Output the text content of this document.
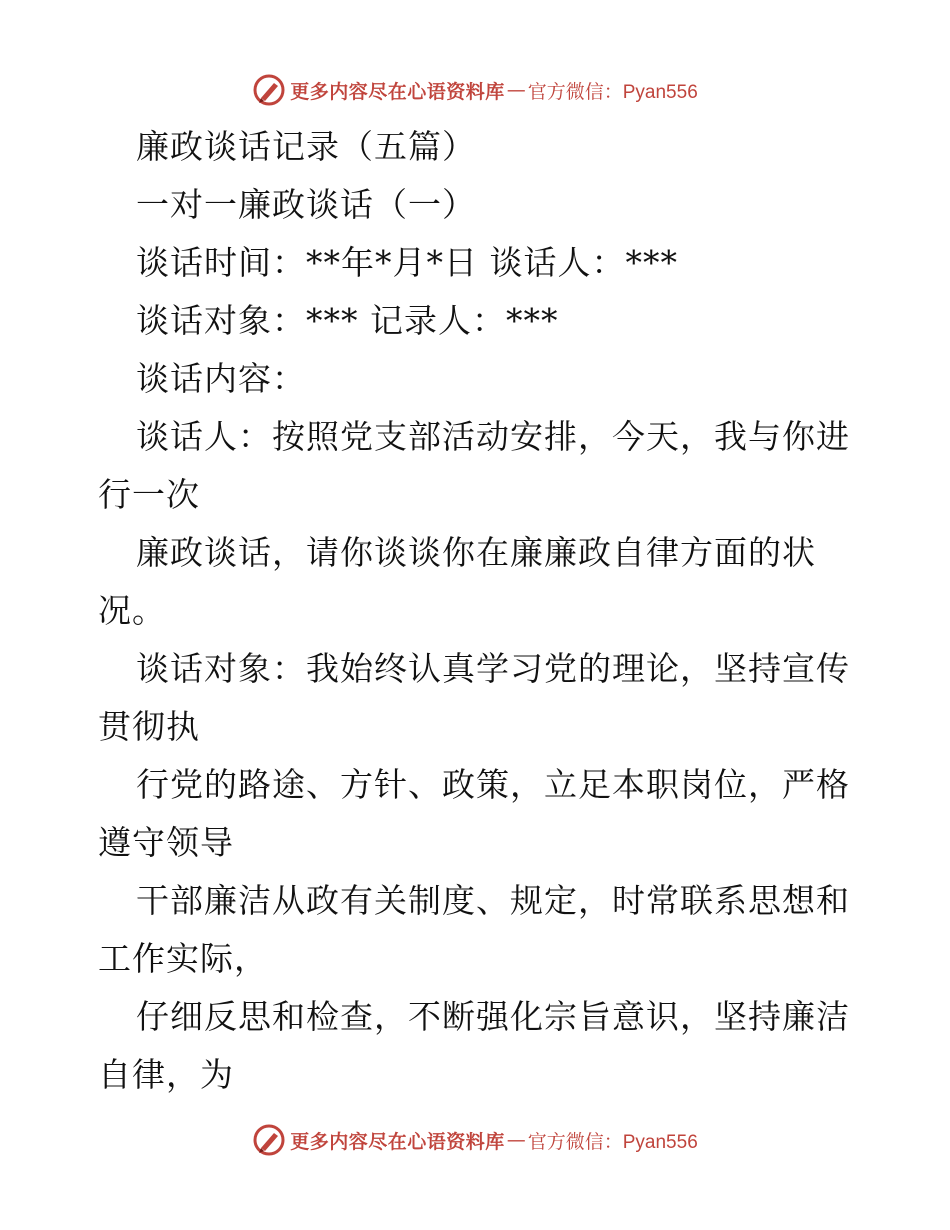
更多内容尽在心语资料库 — 官方微信：Pyan556
廉政谈话记录（五篇）
一对一廉政谈话（一）
谈话时间：**年*月*日 谈话人：***
谈话对象：*** 记录人：***
谈话内容：
谈话人：按照党支部活动安排，今天，我与你进
行一次
廉政谈话，请你谈谈你在廉廉政自律方面的状
况。
谈话对象：我始终认真学习党的理论，坚持宣传
贯彻执
行党的路途、方针、政策，立足本职岗位，严格
遵守领导
干部廉洁从政有关制度、规定，时常联系思想和
工作实际，
仔细反思和检查，不断强化宗旨意识，坚持廉洁
自律，为
更多内容尽在心语资料库 — 官方微信：Pyan556
